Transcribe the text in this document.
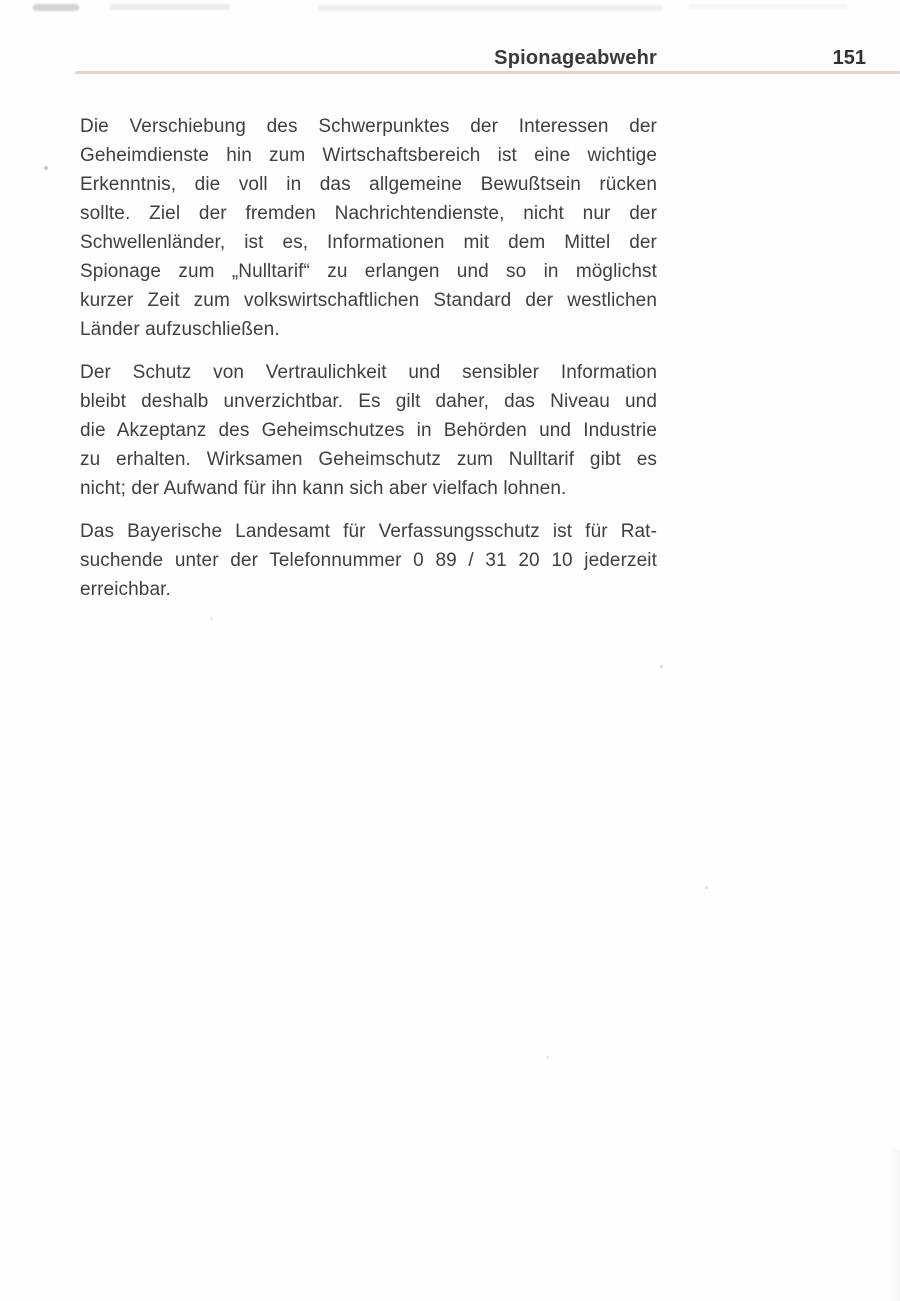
Spionageabwehr	151
Die Verschiebung des Schwerpunktes der Interessen der
Geheimdienste hin zum Wirtschaftsbereich ist eine wichtige
Erkenntnis, die voll in das allgemeine Bewußtsein rücken
sollte. Ziel der fremden Nachrichtendienste, nicht nur der
Schwellenländer, ist es, Informationen mit dem Mittel der
Spionage zum „Nulltarif“ zu erlangen und so in möglichst
kurzer Zeit zum volkswirtschaftlichen Standard der westlichen
Länder aufzuschließen.
Der Schutz von Vertraulichkeit und sensibler Information
bleibt deshalb unverzichtbar. Es gilt daher, das Niveau und
die Akzeptanz des Geheimschutzes in Behörden und Industrie
zu erhalten. Wirksamen Geheimschutz zum Nulltarif gibt es
nicht; der Aufwand für ihn kann sich aber vielfach lohnen.
Das Bayerische Landesamt für Verfassungsschutz ist für Rat-
suchende unter der Telefonnummer 0 89 / 31 20 10 jederzeit
erreichbar.
